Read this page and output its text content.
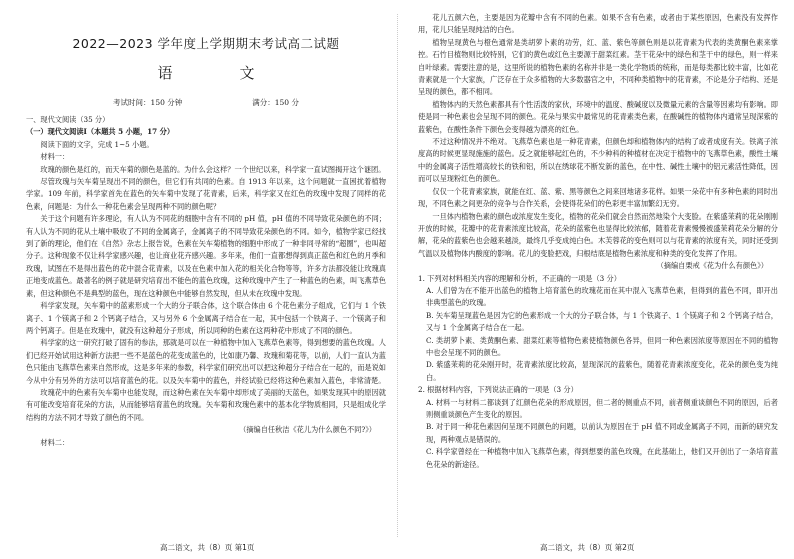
2022—2023 学年度上学期期末考试高二试题
语　文
考试时间：150 分钟	满分：150 分

一、现代文阅读（35 分）

（一）现代文阅读Ⅰ（本题共 5 小题，17 分）

阅读下面的文字，完成 1~5 小题。

材料一：

玫瑰的颜色是红的，而天车菊的颜色是蓝的。为什么会这样？一个世纪以来，科学家一直试图揭开这个谜团。

尽管玫瑰与矢车菊呈现出不同的颜色，但它们有共同的色素。自 1913 年以来，这个问题就一直困扰着植物学家。109 年前，科学家首先在蓝色的矢车菊中发现了花青素，后来，科学家又在红色的玫瑰中发现了同样的花色素，问题是：为什么一种花色素会呈现两种不同的颜色呢？

关于这个问题有许多理论，有人认为不同花的细胞中含有不同的 pH 值，pH 值的不同导致花朵颜色的不同；有人认为不同的花从土壤中吸收了不同的金属离子，金属离子的不同导致花朵颜色的不同。如今，植物学家已经找到了新的理论，他们在《自然》杂志上报告说，色素在矢车菊植物的细胞中形成了一种非同寻常的“超圈”，也叫超分子。这种现象不仅让科学家感兴趣，也让商业花卉感兴趣。多年来，他们一直都想得到真正蓝色和红色的月季和玫瑰，试图在不是得出蓝色的花中混合花青素，以及在色素中加入花的相关化合物等等，许多方法都没能让玫瑰真正地变成蓝色。最著名的例子就是研究培育出不能色的蓝色玫瑰，这种玫瑰中产生了一种蓝色的色素，叫飞燕草色素，但这种颜色不是典型的蓝色，现在这种颜色中能够自然发现，但从未在玫瑰中发现。

科学家发现，矢车菊中的蓝素形成一个大的分子联合体，这个联合体由 6 个花色素分子组成，它们与 1 个铁离子、1 个镁离子和 2 个钙离子结合，又与另外 6 个金属离子结合在一起，其中包括一个铁离子、一个镁离子和两个钙离子。但是在玫瑰中，就没有这种超分子形成，所以同种的色素在这两种花中形成了不同的颜色。

科学家的这一研究打破了固有的参法，那就是可以在一种植物中加入飞燕草色素等，得到想要的蓝色玫瑰。人们已经开始试用这种新方法把一些不是蓝色的花变成蓝色的，比如康乃馨、玫瑰和菊花等，以前，人们一直认为蓝色只能由飞燕草色素来自然形成，这是多年来的参数，科学家们研究出可以把这种超分子结合在一起的，而是说如今从中分有另外的方法可以培育蓝色的花。以及矢车菊中的蓝色，并经试验已经将这种色素加入蓝色，非常清楚。

玫瑰花中的色素有矢车菊中也能发现，而这种色素在矢车菊中却形成了美丽的天蓝色，如果发现其中的原因就有可能改变培育花朵的方法，从而能够培育蓝色的玫瑰。矢车菊和玫瑰色素中的基本化学物质相同，只是组成化学结构的方法不同才导致了颜色的不同。

（摘编自任秋洁《花儿为什么颜色不同?》）

材料二：

花儿五颜六色，主要是因为花瓣中含有不同的色素。如果不含有色素，或者由于某些原因，色素没有发挥作用，花儿只能呈现纯洁的白色。

植物呈现黄色与橙色通常是类胡萝卜素的功劳，红、蓝、紫色等颜色则是以花青素为代表的类黄酮色素来掌控。石竹目植物则比较特别，它们的黄色或红色主要源于甜菜红素。茎干花朵中的绿色和茎干中的绿色，则一样来自叶绿素。需要注意的是，这里所说的植物色素的名称并非是一类化学物质的统称，而是每类都比较丰富，比如花青素就是一个大家族，广泛存在于众多植物的大多数器官之中，不同种类植物中的花青素，不论是分子结构、还是呈现的颜色，都不相同。

植物体内的天然色素都具有个性活泼的家伙，环境中的温度、酸碱度以及微量元素的含量等因素均有影响。即使是同一种色素也会呈现不同的颜色。花朵与果实中最常见的花青素类色素，在酸碱性的植物体内通常呈现深紫的蓝紫色，在酸性条件下颜色会变得越为漂亮的红色。

不过这种情况并不绝对。飞燕草色素也是一种花青素，但颜色却和植物体内的结构了或者成度有关。铁离子浓度高的时候更显现施施的蓝色。反之就能够起红色的，不少种科的种植材在决定于植物中的飞燕草色素，酸性土壤中的金属离子活性增高较长的铁和铝，所以在绣球花不断发新的蓝色，在中性、碱性土壤中的铝元素活性降低，因而可以呈现粉红色的颜色。

仅仅一个花青素家族，就能在红、蓝、紫、黑等颜色之间来回地诸多花样。如果一朵花中有多种色素的同时出现，不同色素之间更杂的竞争与合作关系，会使得花朵们的色彩更丰富加繁幻无穷。

一旦体内植物色素的颜色或浓度发生变化，植物的花朵们就会自然而然地染个大变脸。在紫盛茉莉的花朵刚刚开放的时候，花瓣中的花青素浓度比较高，花朵的蓝紫色也显得比较浓郁，随着花青素慢慢被盛茉莉花朵分解的分解，花朵的蓝紫色也会越来越淡，最终几乎变成纯白色。木芙蓉花的变色则可以与花青素的浓度有关，同时还受到气温以及植物体内酸度的影响。花儿的变脸把戏，归根结底是植物色素浓度和种类的变化发挥了作用。

（摘编自栗戒《花为什么有颜色》）

1. 下列对材料相关内容的理解和分析，不正确的一项是（3 分）

A. 人们曾为在不能开出蓝色的植物上培育蓝色的玫瑰花而在其中混入飞燕草色素，但得到的蓝色不同，即开出非典型蓝色的玫瑰。

B. 矢车菊呈现蓝色是因为它的色素形成一个大的分子联合体，与 1 个铁离子、1 个镁离子和 2 个钙离子结合，又与 1 个金属离子结合在一起。

C. 类胡萝卜素、类黄酮色素、甜菜红素等植物色素使植物颜色各异，但同一种色素因浓度等原因在不同的植物中也会呈现不同的颜色。

D. 紫盛茉莉的花朵刚开时，花青素浓度比较高，显现深沉的蓝紫色，随着花青素浓度变化，花朵的颜色变为纯白。

2. 根据材料内容，下列说法正确的一项是（3 分）

A. 材料一与材料二都谈到了红颜色花朵的形成原因，但二者的侧重点不同，前者侧重谈颜色不同的原因，后者则侧重谈颜色产生变化的原因。

B. 对于同一种花色素因何呈现不同颜色的问题，以前认为原因在于 pH 值不同或金属离子不同，而新的研究发现，两种观点是错误的。

C. 科学家曾经在一种植物中加入飞燕草色素，得到想要的蓝色玫瑰，在此基础上，他们又开创出了一条培育蓝色花朵的新途径。

高二语文，共（8）页 第1页	高二语文，共（8）页 第2页
